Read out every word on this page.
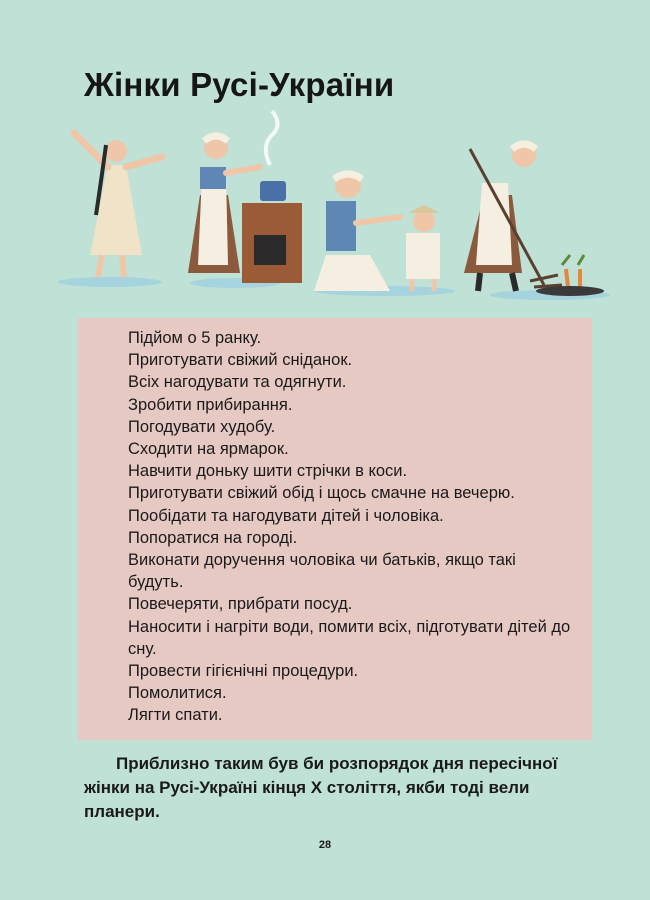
Жінки Русі-України
Підйом о 5 ранку.
Приготувати свіжий сніданок.
Всіх нагодувати та одягнути.
Зробити прибирання.
Погодувати худобу.
Сходити на ярмарок.
Навчити доньку шити стрічки в коси.
Приготувати свіжий обід і щось смачне на вечерю.
Пообідати та нагодувати дітей і чоловіка.
Попоратися на городі.
Виконати доручення чоловіка чи батьків, якщо такі будуть.
Повечеряти, прибрати посуд.
Наносити і нагріти води, помити всіх, підготувати дітей до сну.
Провести гігієнічні процедури.
Помолитися.
Лягти спати.

Приблизно таким був би розпорядок дня пересічної жінки на Русі-Україні кінця X століття, якби тоді вели планери.

28
